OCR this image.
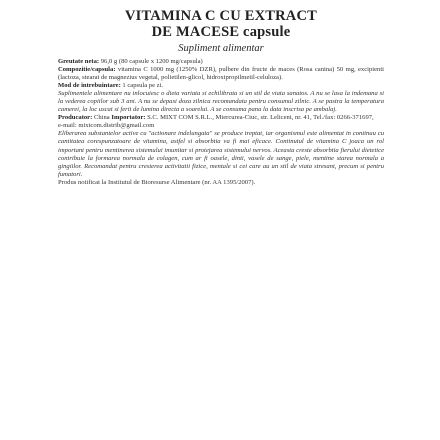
VITAMINA C CU EXTRACT

DE MACESE capsule

Supliment alimentar

Greutate neta: 96,0 g (80 capsule x 1200 mg/capsula)

Compozitie/capsula: vitamina C 1000 mg (1250% DZR), pulbere din fructe de maces (Rosa canina) 50 mg, excipienti (lactoza, stearat de magnezius vegetal, polietilen-glicol, hidroxipropilmetil-celuloza).

Mod de intrebuintare: 1 capsula pe zi.

Suplimentele alimentare nu inlocuiesc o dieta variata si echilibrata si un stil de viata sanatos. A nu se lasa la indemana si la vederea copiilor sub 3 ani. A nu se depasi doza zilnica recomandata pentru consumul zilnic. A se pastra la temperatura camerei, la loc uscat si ferit de lumina directa a soarelui. A se consuma pana la data inscrisa pe ambalaj.

Producator: China Importator: S.C. MIXT COM S.R.L., Miercurea-Ciuc, str. Leliceni, nr. 41, Tel./fax: 0266-371697,
e-mail: mixtcom.distrib@gmail.com

Eliberarea substantelor active cu "actionare indelungata" se produce treptat, iar organismul este alimentat in continuu cu cantitatea corespunzatoare de vitamina, astfel si absorbtia va fi mai eficace. Continutul de vitamina C joaca un rol important pentru mentinerea sistemului imunitar si protejarea sistemului nervos. Aceasta creste absorbtia fierului dietetice contribuie la formarea normala de colagen, cum ar fi oasele, dinti, vasele de sange, piele, mentine starea normala a gingiilor. Recomandat pentru cresterea activitatii fizice, mentale si cei care au un stil de viata stresant, precum si pentru fumatori.

Produs notificat la Institutul de Bioresurse Alimentare (nr. AA 1395/2007).
